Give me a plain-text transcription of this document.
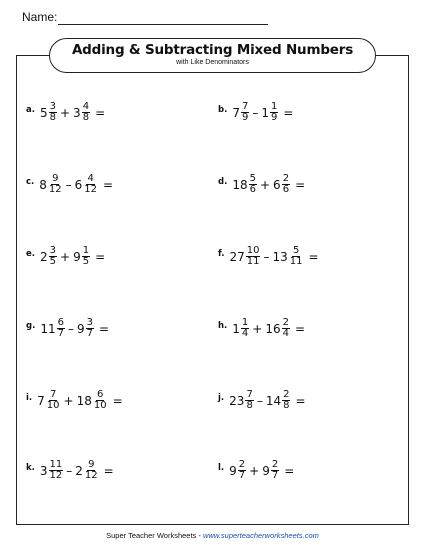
Name:
Adding & Subtracting Mixed Numbers
with Like Denominators
a. $5 \frac{3}{8} + 3 \frac{4}{8}$ =	b. $7 \frac{7}{9} - 1 \frac{1}{9}$ =
c. $8 \frac{9}{12} - 6 \frac{4}{12}$ =	d. $18 \frac{5}{6} + 6 \frac{2}{6}$ =
e. $2 \frac{3}{5} + 9 \frac{1}{5}$ =	f. $27 \frac{10}{11} - 13 \frac{5}{11}$ =
g. $11 \frac{6}{7} - 9 \frac{3}{7}$ =	h. $1 \frac{1}{4} + 16 \frac{2}{4}$ =
i. $7 \frac{7}{10} + 18 \frac{6}{10}$ =	j. $23 \frac{7}{8} - 14 \frac{2}{8}$ =
k. $3 \frac{11}{12} - 2 \frac{9}{12}$ =	l. $9 \frac{2}{7} + 9 \frac{2}{7}$ =
Super Teacher Worksheets - www.superteacherworksheets.com
